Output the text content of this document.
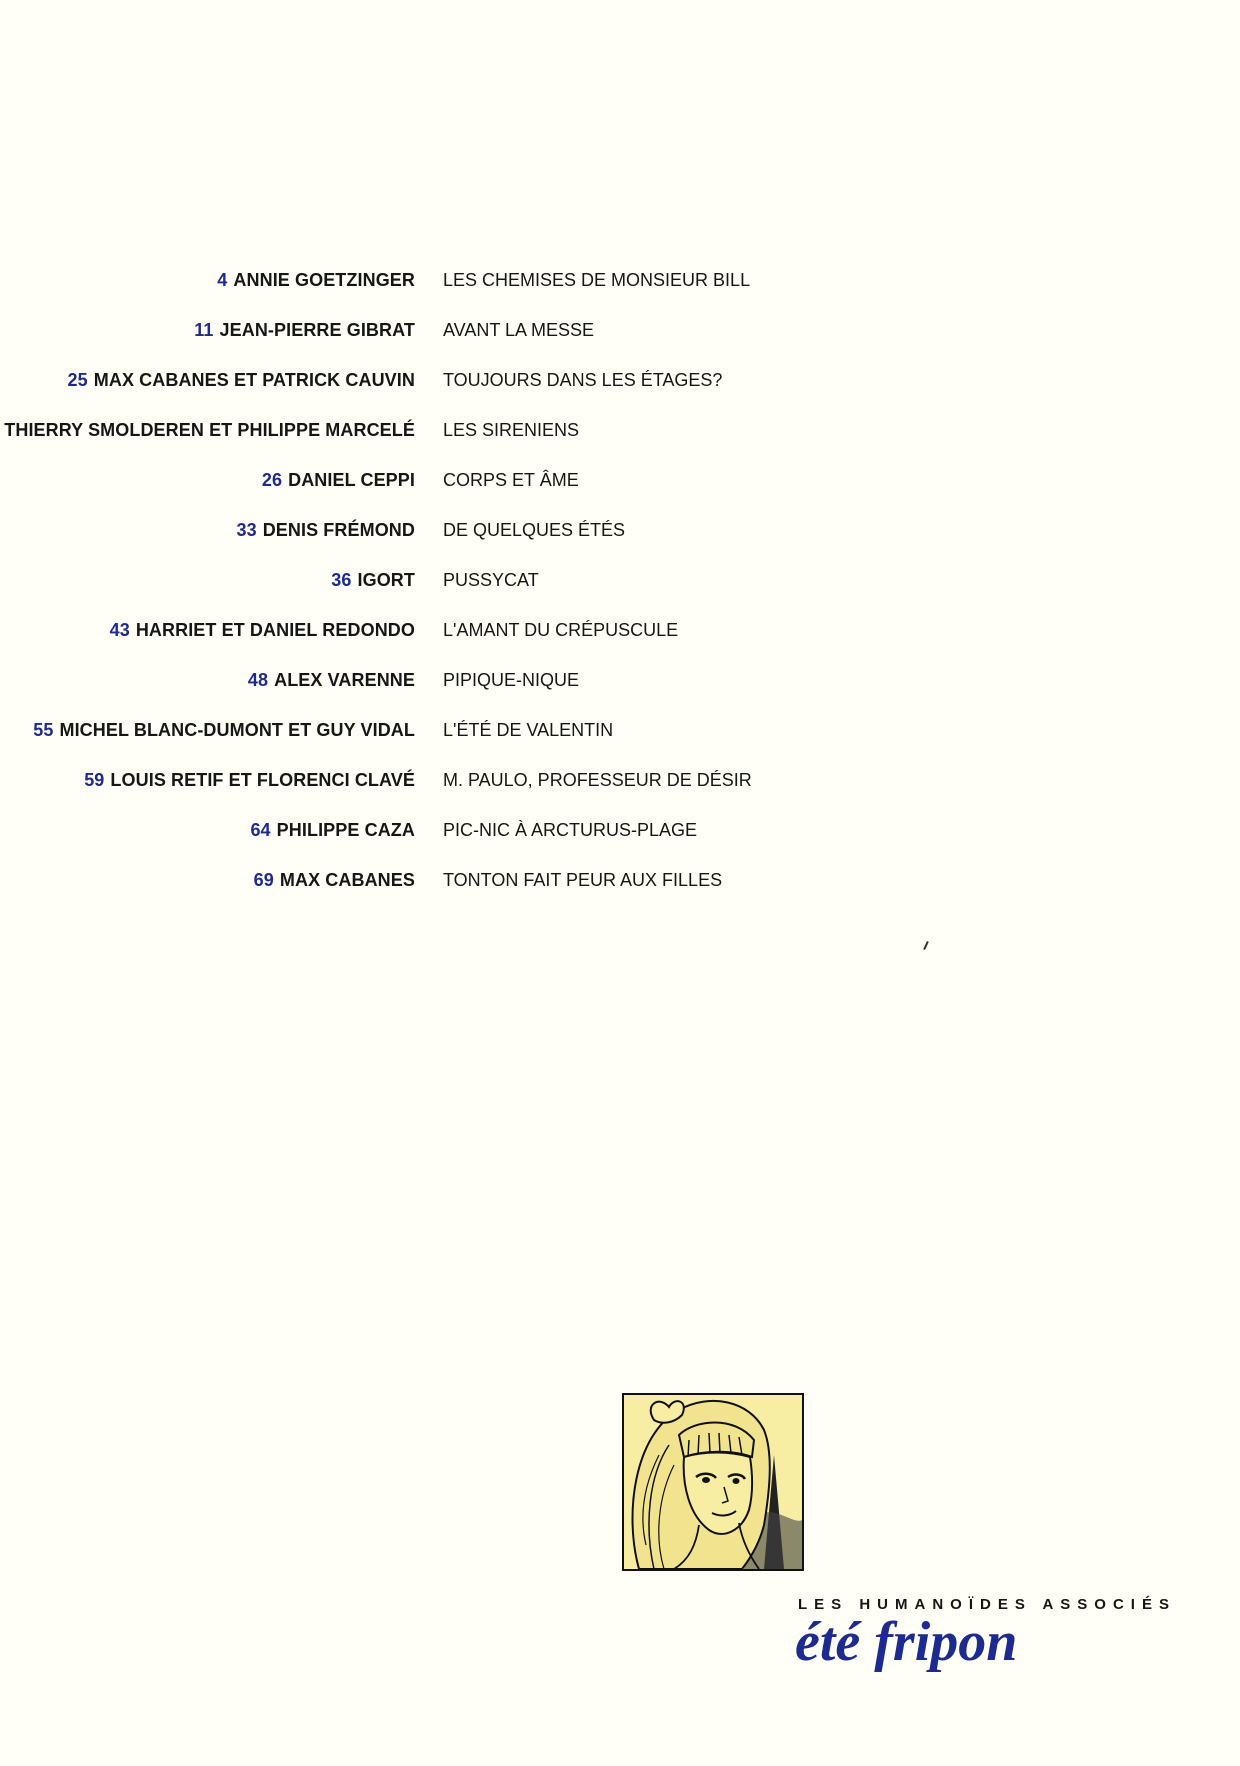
4 ANNIE GOETZINGER LES CHEMISES DE MONSIEUR BILL
11 JEAN-PIERRE GIBRAT AVANT LA MESSE
25 MAX CABANES ET PATRICK CAUVIN TOUJOURS DANS LES ÉTAGES?
THIERRY SMOLDEREN ET PHILIPPE MARCELÉ LES SIRENIENS
26 DANIEL CEPPI CORPS ET ÂME
33 DENIS FRÉMOND DE QUELQUES ÉTÉS
36 IGORT PUSSYCAT
43 HARRIET ET DANIEL REDONDO L'AMANT DU CRÉPUSCULE
48 ALEX VARENNE PIPIQUE-NIQUE
55 MICHEL BLANC-DUMONT ET GUY VIDAL L'ÉTÉ DE VALENTIN
59 LOUIS RETIF ET FLORENCI CLAVÉ M. PAULO, PROFESSEUR DE DÉSIR
64 PHILIPPE CAZA PIC-NIC À ARCTURUS-PLAGE
69 MAX CABANES TONTON FAIT PEUR AUX FILLES
LES HUMANOÏDES ASSOCIÉS
été fripon
